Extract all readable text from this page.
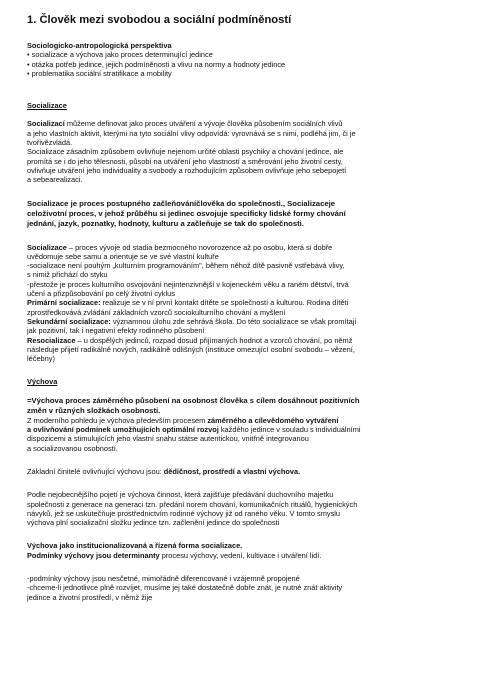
1. Člověk mezi svobodou a sociální podmíněností

Sociologicko-antropologická perspektiva

• socializace a výchova jako proces determinující jedince

• otázka potřeb jedince, jejich podmíněnosti a vlivu na normy a hodnoty jedince

• problematika sociální stratifikace a mobility

Socializace

Socializací můžeme definovat jako proces utváření a vývoje člověka působením sociálních vlivů

a jeho vlastních aktivit, kterými na tyto sociální vlivy odpovídá: vyrovnává se s nimi, podléhá jim, či je

tvořivězvládá.

Socializace zásadním způsobem ovlivňuje nejenom určité oblasti psychiky a chování jedince, ale

promítá se i do jeho tělesnosti, působí na utváření jeho vlastností a směrování jeho životní cesty,

ovlivňuje utváření jeho individuality a svobody a rozhodujícím způsobem ovlivňuje jeho sebepojetí

a sebearealizaci.

Socializace je proces postupného začleňováníčlověka do společnosti., Socializaceje

celoživotní proces, v jehož průběhu si jedinec osvojuje specificky lidské formy chování

jednání, jazyk, poznatky, hodnoty, kulturu a začleňuje se tak do společnosti.

Socializace – proces vývoje od stadia bezmocného novorozence až po osobu, která si dobře

uvědomuje sebe samu a orientuje se ve své vlastní kultuře

-socializace není pouhým „kulturním programováním", během něhož dítě pasivně vstřebává vlivy,

s nimiž přichází do styku

-přestože je proces kulturního osvojování nejintenzivnější v kojeneckém věku a raném dětství, trvá

učení a přizpůsobování po celý životní cyklus

Primární socializace: realizuje se v ní první kontakt dítěte se společností a kulturou. Rodina dítěti

zprostředkovává zvládání základních vzorců sociokulturního chování a myšlení

Sekundární socializace: významnou úlohu zde sehrává škola. Do této socializace se však promítají

jak pozitivní, tak i negativní efekty rodinného působení

Resocializace – u dospělých jedinců, rozpad dosud přijímaných hodnot a vzorců chování, po němž

následuje přijetí radikálně nových, radikálně odlišných (instituce omezující osobní svobodu – vězení,

léčebny)

Výchova

=Výchova proces záměrného působení na osobnost člověka s cílem dosáhnout pozitivních

změn v různých složkách osobnosti.

Z moderního pohledu je výchova především procesem záměrného a cílevědomého vytváření

a ovlivňování podmínek umožňujících optimální rozvoj každého jedince v souladu s individuálními

dispozicemi a stimulujících jeho vlastní snahu státse autentickou, vnitřně integrovanou

a socializovanou osobností.

Základní činitelé ovlivňující výchovu jsou: dědičnost, prostředí a vlastní výchova.

Podle nejobecnějšího pojetí je výchova činnost, která zajišťuje předávání duchovního majetku

společnosti z generace na generaci tzn. předání norem chování, komunikačních rituálů, hygienických

návyků, jež se uskutečňuje prostřednictvím rodinné výchovy již od raného věku. V tomto smyslu

výchova plní socializační složku jedince tzn. začlenění jedince do společnosti

Výchova jako institucionalizovaná a řízená forma socializace.

Podmínky výchovy jsou determinanty procesu výchovy, vedení, kultivace i utváření lidí.

-podmínky výchovy jsou nesčetné, mimořádně diferencované i vzájemně propojené

-chceme-li jednotlivce plně rozvíjet, musíme jej také dostatečně dobře znát, je nutné znát aktivity

jedince a životní prostředí, v němž žije
